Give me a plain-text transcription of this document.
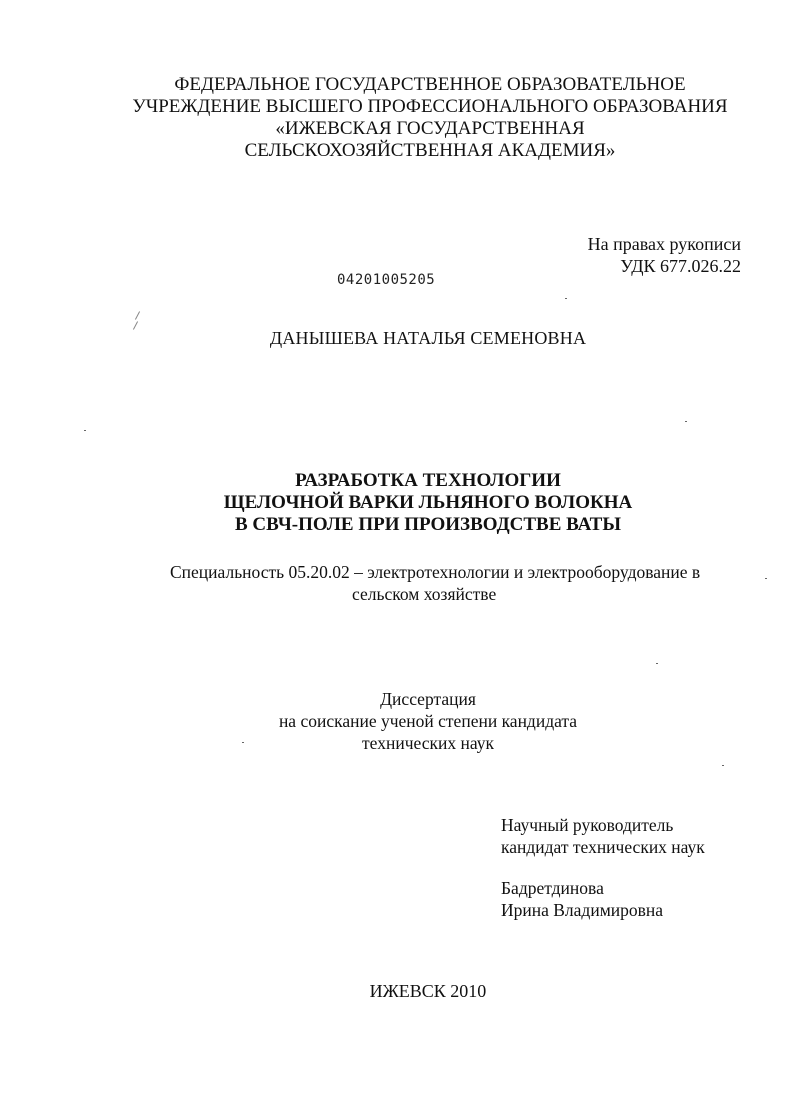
ФЕДЕРАЛЬНОЕ ГОСУДАРСТВЕННОЕ ОБРАЗОВАТЕЛЬНОЕ
УЧРЕЖДЕНИЕ ВЫСШЕГО ПРОФЕССИОНАЛЬНОГО ОБРАЗОВАНИЯ
«ИЖЕВСКАЯ ГОСУДАРСТВЕННАЯ
СЕЛЬСКОХОЗЯЙСТВЕННАЯ АКАДЕМИЯ»
На правах рукописи
УДК 677.026.22
04201005205
ДАНЫШЕВА НАТАЛЬЯ СЕМЕНОВНА
РАЗРАБОТКА ТЕХНОЛОГИИ
ЩЕЛОЧНОЙ ВАРКИ ЛЬНЯНОГО ВОЛОКНА
В СВЧ-ПОЛЕ ПРИ ПРОИЗВОДСТВЕ ВАТЫ
Специальность 05.20.02 – электротехнологии и электрооборудование в
сельском хозяйстве
Диссертация
на соискание ученой степени кандидата
технических наук
Научный руководитель
кандидат технических наук
Бадретдинова
Ирина Владимировна
ИЖЕВСК 2010
